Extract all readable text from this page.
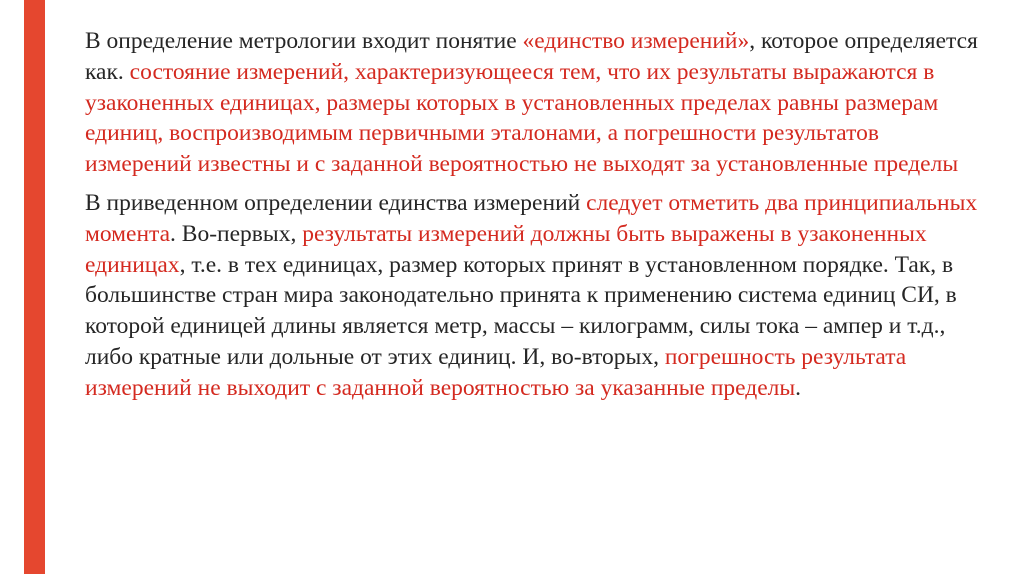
В определение метрологии входит понятие «единство измерений», которое определяется как. состояние измерений, характеризующееся тем, что их результаты выражаются в узаконенных единицах, размеры которых в установленных пределах равны размерам единиц, воспроизводимым первичными эталонами, а погрешности результатов измерений известны и с заданной вероятностью не выходят за установленные пределы

В приведенном определении единства измерений следует отметить два принципиальных момента. Во-первых, результаты измерений должны быть выражены в узаконенных единицах, т.е. в тех единицах, размер которых принят в установленном порядке. Так, в большинстве стран мира законодательно принята к применению система единиц СИ, в которой единицей длины является метр, массы – килограмм, силы тока – ампер и т.д., либо кратные или дольные от этих единиц. И, во-вторых, погрешность результата измерений не выходит с заданной вероятностью за указанные пределы.
